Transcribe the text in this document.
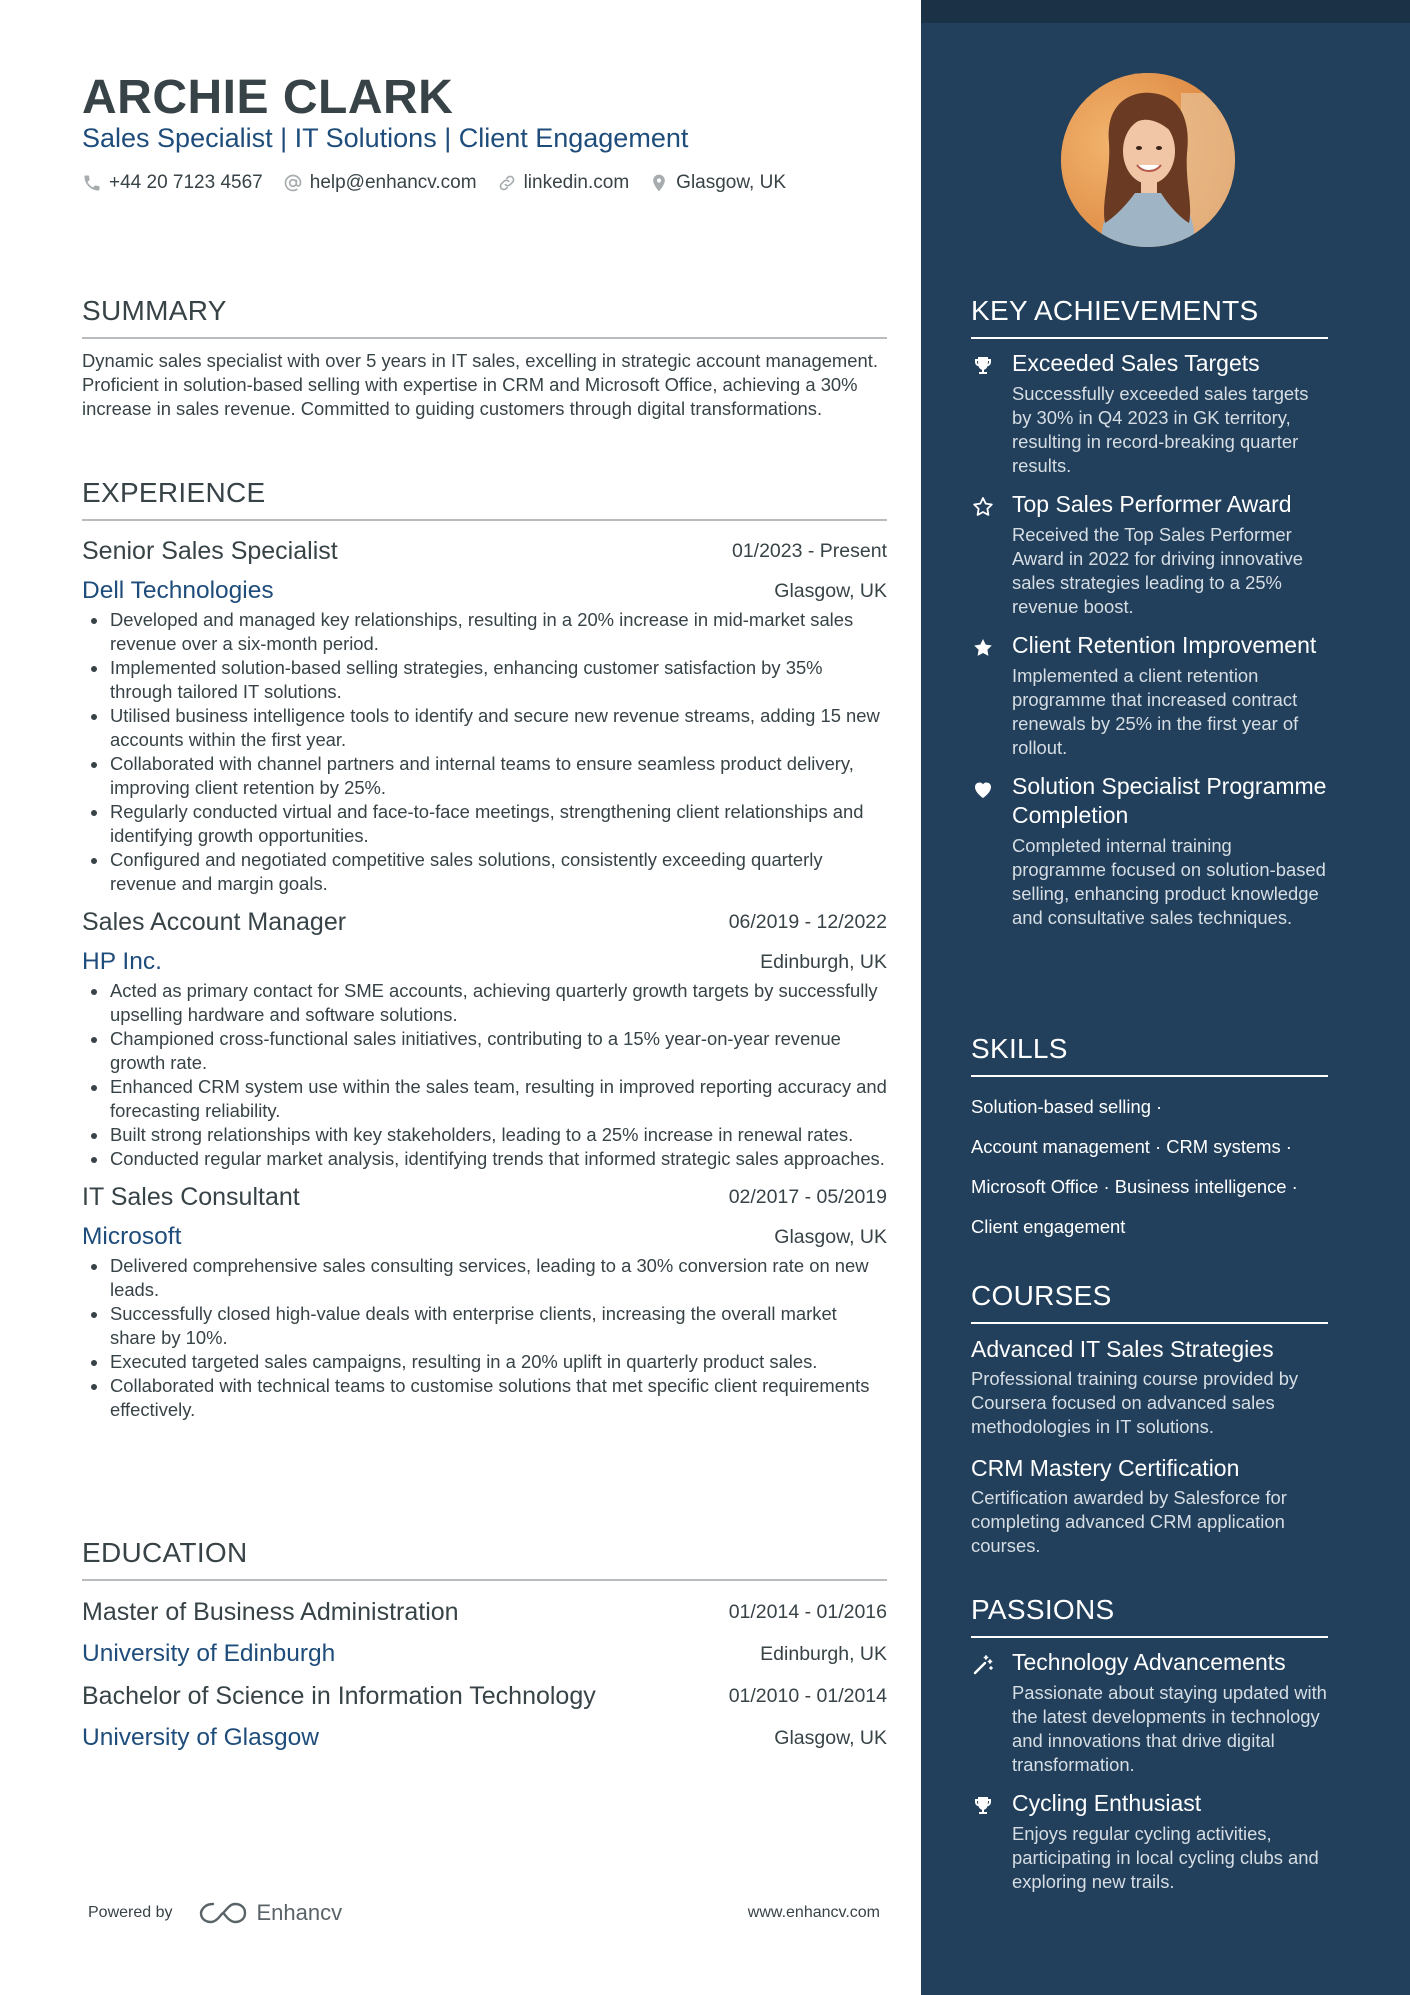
ARCHIE CLARK
Sales Specialist | IT Solutions | Client Engagement
+44 20 7123 4567 help@enhancv.com linkedin.com Glasgow, UK
SUMMARY
Dynamic sales specialist with over 5 years in IT sales, excelling in strategic account management. Proficient in solution-based selling with expertise in CRM and Microsoft Office, achieving a 30% increase in sales revenue. Committed to guiding customers through digital transformations.
EXPERIENCE
Senior Sales Specialist	01/2023 - Present
Dell Technologies	Glasgow, UK
Developed and managed key relationships, resulting in a 20% increase in mid-market sales revenue over a six-month period.
Implemented solution-based selling strategies, enhancing customer satisfaction by 35% through tailored IT solutions.
Utilised business intelligence tools to identify and secure new revenue streams, adding 15 new accounts within the first year.
Collaborated with channel partners and internal teams to ensure seamless product delivery, improving client retention by 25%.
Regularly conducted virtual and face-to-face meetings, strengthening client relationships and identifying growth opportunities.
Configured and negotiated competitive sales solutions, consistently exceeding quarterly revenue and margin goals.
Sales Account Manager	06/2019 - 12/2022
HP Inc.	Edinburgh, UK
Acted as primary contact for SME accounts, achieving quarterly growth targets by successfully upselling hardware and software solutions.
Championed cross-functional sales initiatives, contributing to a 15% year-on-year revenue growth rate.
Enhanced CRM system use within the sales team, resulting in improved reporting accuracy and forecasting reliability.
Built strong relationships with key stakeholders, leading to a 25% increase in renewal rates.
Conducted regular market analysis, identifying trends that informed strategic sales approaches.
IT Sales Consultant	02/2017 - 05/2019
Microsoft	Glasgow, UK
Delivered comprehensive sales consulting services, leading to a 30% conversion rate on new leads.
Successfully closed high-value deals with enterprise clients, increasing the overall market share by 10%.
Executed targeted sales campaigns, resulting in a 20% uplift in quarterly product sales.
Collaborated with technical teams to customise solutions that met specific client requirements effectively.
EDUCATION
Master of Business Administration	01/2014 - 01/2016
University of Edinburgh	Edinburgh, UK
Bachelor of Science in Information Technology	01/2010 - 01/2014
University of Glasgow	Glasgow, UK
Powered by	Enhancv	www.enhancv.com
KEY ACHIEVEMENTS
Exceeded Sales Targets
Successfully exceeded sales targets by 30% in Q4 2023 in GK territory, resulting in record-breaking quarter results.
Top Sales Performer Award
Received the Top Sales Performer Award in 2022 for driving innovative sales strategies leading to a 25% revenue boost.
Client Retention Improvement
Implemented a client retention programme that increased contract renewals by 25% in the first year of rollout.
Solution Specialist Programme Completion
Completed internal training programme focused on solution-based selling, enhancing product knowledge and consultative sales techniques.
SKILLS
Solution-based selling ·
Account management · CRM systems ·
Microsoft Office · Business intelligence ·
Client engagement
COURSES
Advanced IT Sales Strategies
Professional training course provided by Coursera focused on advanced sales methodologies in IT solutions.
CRM Mastery Certification
Certification awarded by Salesforce for completing advanced CRM application courses.
PASSIONS
Technology Advancements
Passionate about staying updated with the latest developments in technology and innovations that drive digital transformation.
Cycling Enthusiast
Enjoys regular cycling activities, participating in local cycling clubs and exploring new trails.
